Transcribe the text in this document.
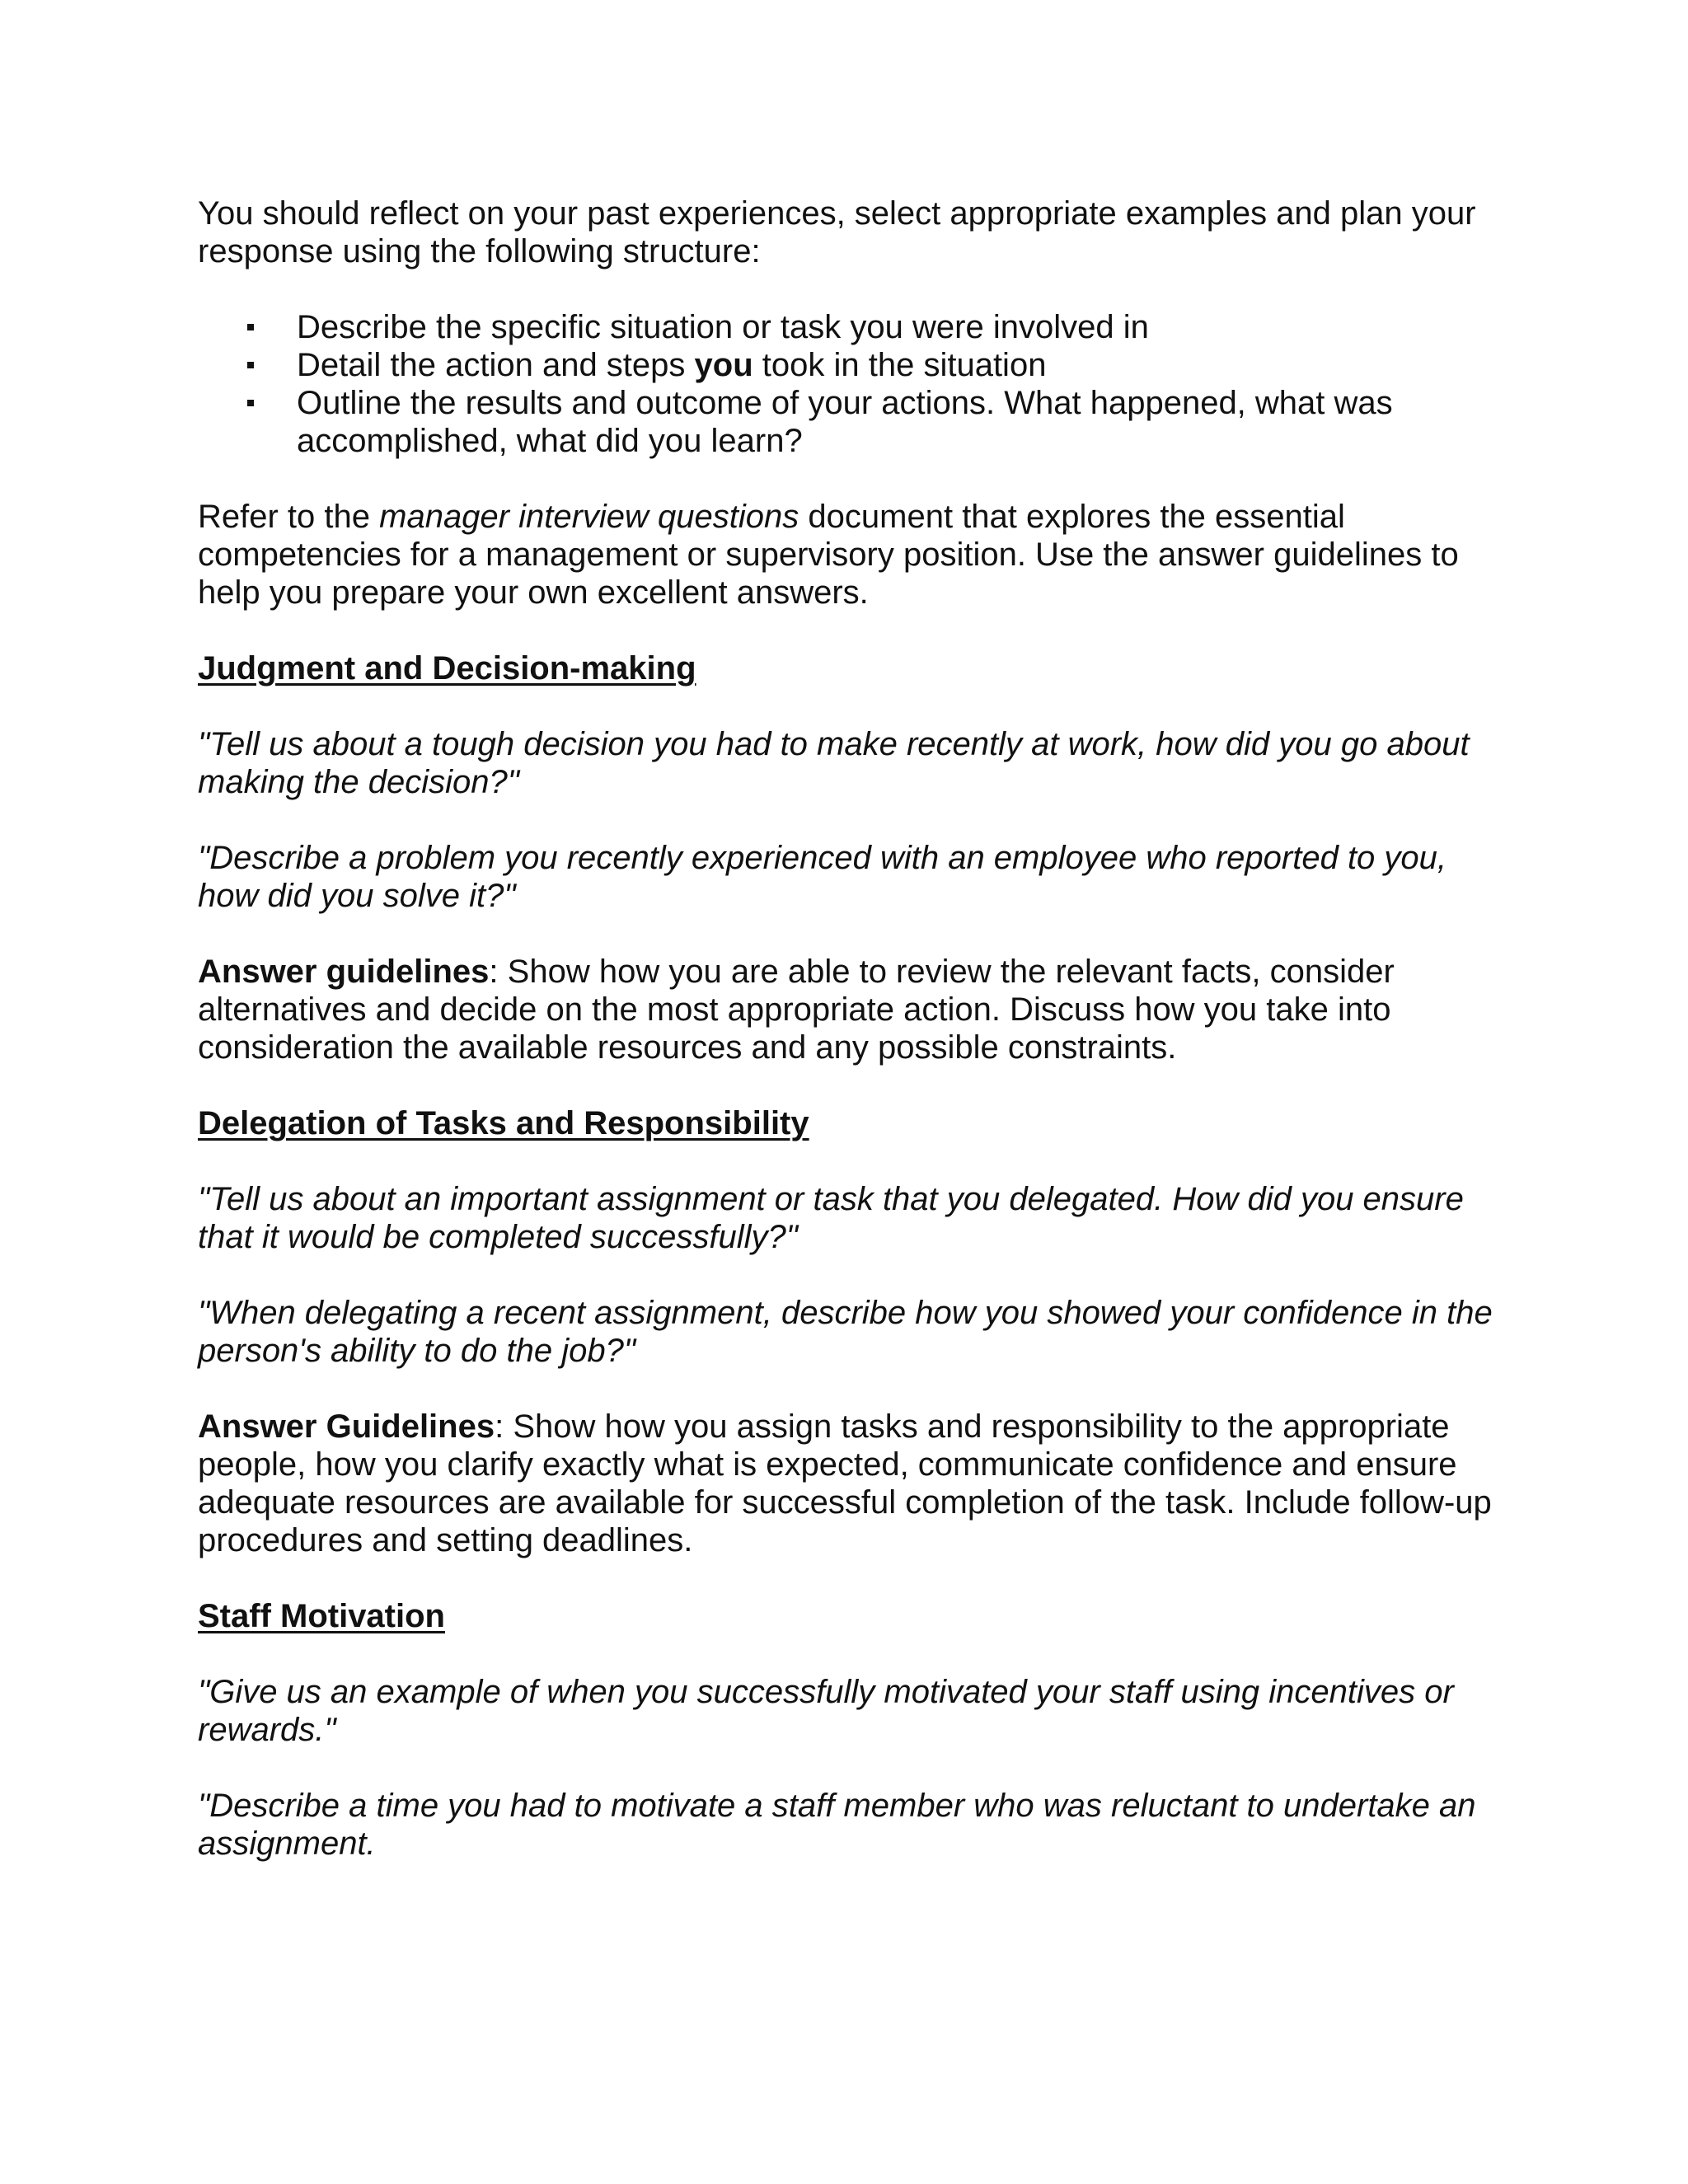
You should reflect on your past experiences, select appropriate examples and plan your response using the following structure:

Describe the specific situation or task you were involved in
Detail the action and steps you took in the situation
Outline the results and outcome of your actions. What happened, what was accomplished, what did you learn?

Refer to the manager interview questions document that explores the essential competencies for a management or supervisory position. Use the answer guidelines to help you prepare your own excellent answers.

Judgment and Decision-making

"Tell us about a tough decision you had to make recently at work, how did you go about making the decision?"

"Describe a problem you recently experienced with an employee who reported to you, how did you solve it?"

Answer guidelines: Show how you are able to review the relevant facts, consider alternatives and decide on the most appropriate action. Discuss how you take into consideration the available resources and any possible constraints.

Delegation of Tasks and Responsibility

"Tell us about an important assignment or task that you delegated. How did you ensure that it would be completed successfully?"

"When delegating a recent assignment, describe how you showed your confidence in the person's ability to do the job?"

Answer Guidelines: Show how you assign tasks and responsibility to the appropriate people, how you clarify exactly what is expected, communicate confidence and ensure adequate resources are available for successful completion of the task. Include follow-up procedures and setting deadlines.

Staff Motivation

"Give us an example of when you successfully motivated your staff using incentives or rewards."

"Describe a time you had to motivate a staff member who was reluctant to undertake an assignment.
